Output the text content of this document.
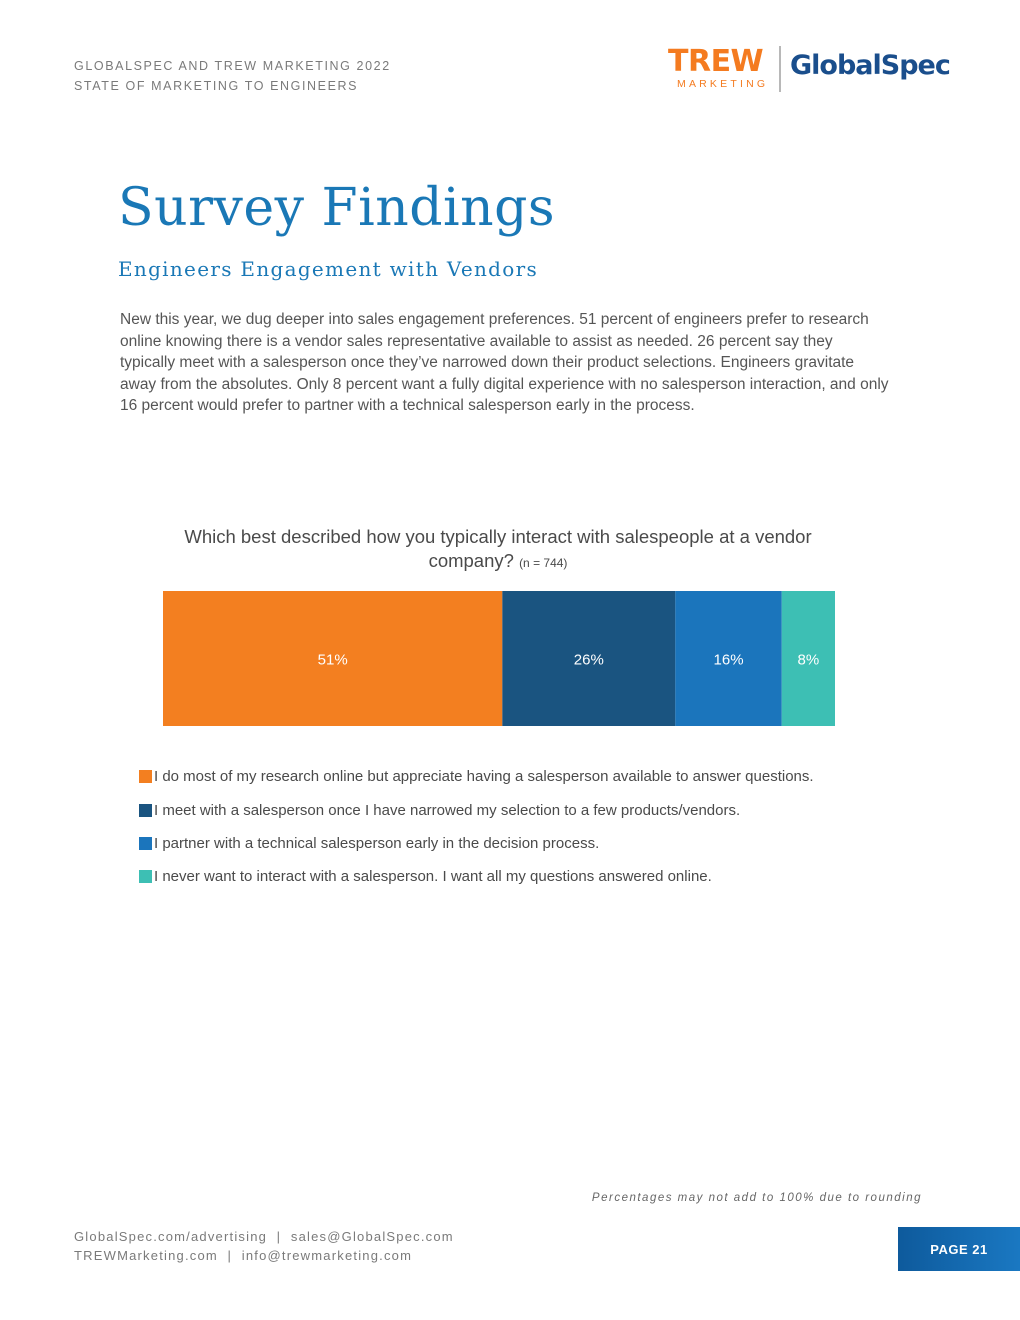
GLOBALSPEC AND TREW MARKETING 2022
STATE OF MARKETING TO ENGINEERS
TREW
MARKETING
GlobalSpec
Survey Findings
Engineers Engagement with Vendors

New this year, we dug deeper into sales engagement preferences. 51 percent of engineers prefer to research online knowing there is a vendor sales representative available to assist as needed. 26 percent say they typically meet with a salesperson once they’ve narrowed down their product selections. Engineers gravitate away from the absolutes. Only 8 percent want a fully digital experience with no salesperson interaction, and only 16 percent would prefer to partner with a technical salesperson early in the process.

Which best described how you typically interact with salespeople at a vendor company? (n = 744)
51%	26%	16%	8%
I do most of my research online but appreciate having a salesperson available to answer questions.
I meet with a salesperson once I have narrowed my selection to a few products/vendors.
I partner with a technical salesperson early in the decision process.
I never want to interact with a salesperson. I want all my questions answered online.
Percentages may not add to 100% due to rounding
GlobalSpec.com/advertising  |  sales@GlobalSpec.com
TREWMarketing.com  |  info@trewmarketing.com	PAGE 21
